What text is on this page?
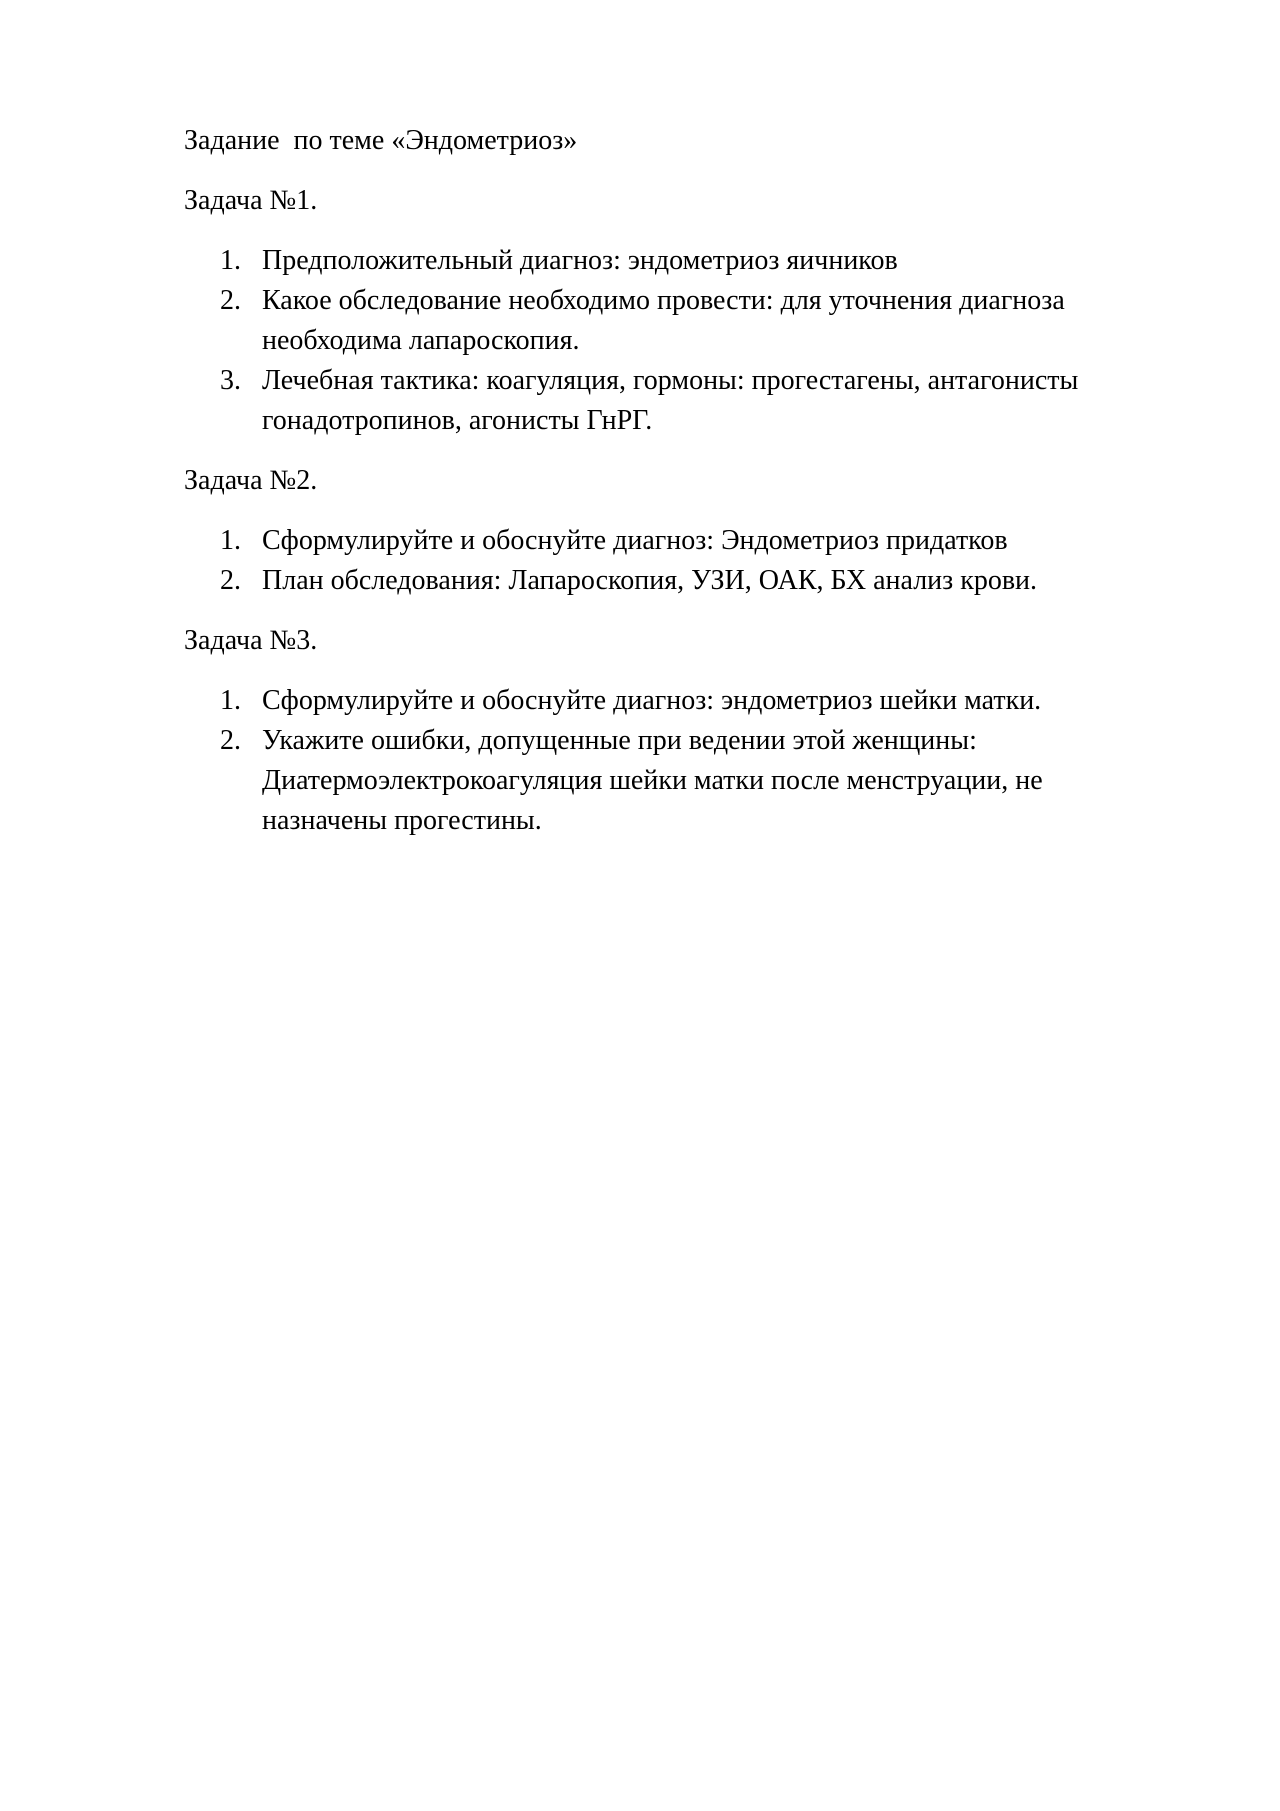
Задание  по теме «Эндометриоз»

Задача №1.

1. Предположительный диагноз: эндометриоз яичников
2. Какое обследование необходимо провести: для уточнения диагноза необходима лапароскопия.
3. Лечебная тактика: коагуляция, гормоны: прогестагены, антагонисты гонадотропинов, агонисты ГнРГ.

Задача №2.

1. Сформулируйте и обоснуйте диагноз: Эндометриоз придатков
2. План обследования: Лапароскопия, УЗИ, ОАК, БХ анализ крови.

Задача №3.

1. Сформулируйте и обоснуйте диагноз: эндометриоз шейки матки.
2. Укажите ошибки, допущенные при ведении этой женщины: Диатермоэлектрокоагуляция шейки матки после менструации, не назначены прогестины.
